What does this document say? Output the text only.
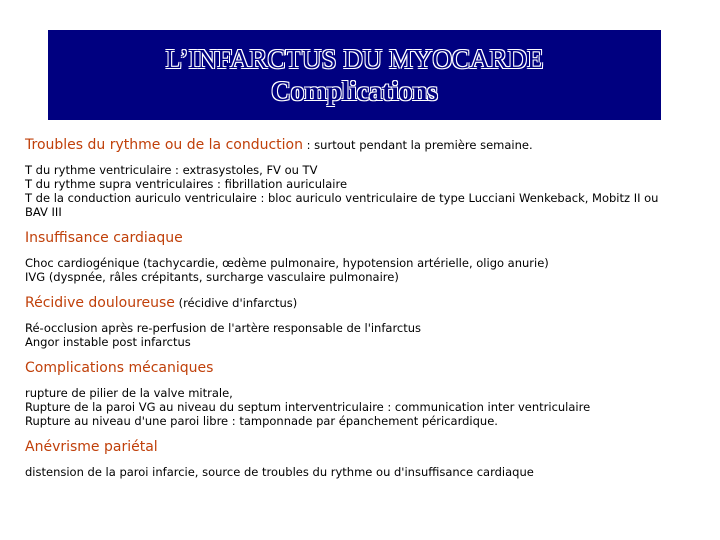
L’INFARCTUS DU MYOCARDE
Complications
Troubles du rythme ou de la conduction : surtout pendant la première semaine.
T du rythme ventriculaire : extrasystoles, FV ou TV
T du rythme supra ventriculaires : fibrillation auriculaire
T de la conduction auriculo ventriculaire : bloc auriculo ventriculaire de type Lucciani Wenkeback, Mobitz II ou
BAV III
Insuffisance cardiaque
Choc cardiogénique (tachycardie, œdème pulmonaire, hypotension artérielle, oligo anurie)
IVG (dyspnée, râles crépitants, surcharge vasculaire pulmonaire)
Récidive douloureuse (récidive d'infarctus)
Ré-occlusion après re-perfusion de l'artère responsable de l'infarctus
Angor instable post infarctus
Complications mécaniques
rupture de pilier de la valve mitrale,
Rupture de la paroi VG au niveau du septum interventriculaire : communication inter ventriculaire
Rupture au niveau d'une paroi libre : tamponnade par épanchement péricardique.
Anévrisme pariétal
distension de la paroi infarcie, source de troubles du rythme ou d'insuffisance cardiaque
